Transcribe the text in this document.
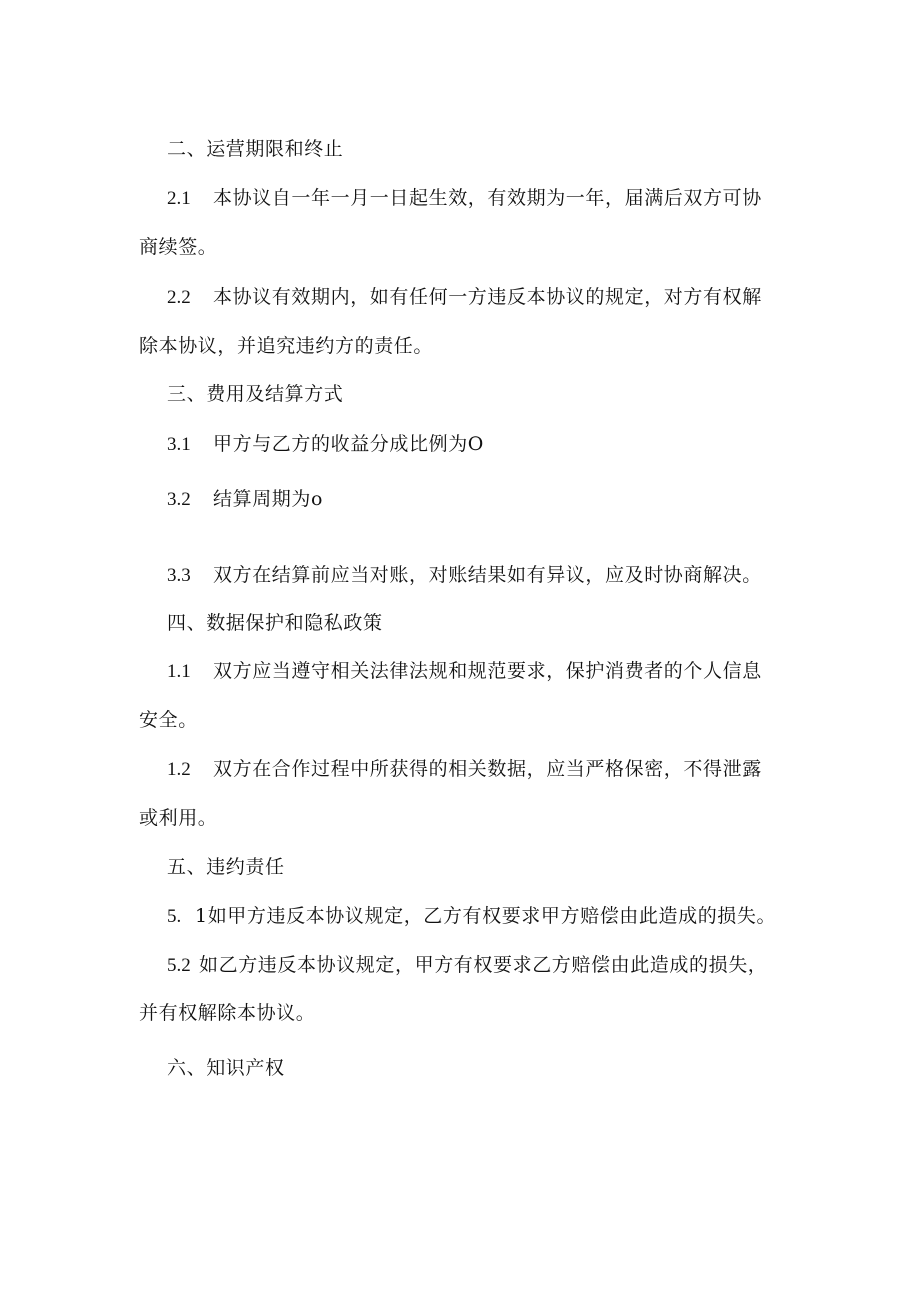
二、运营期限和终止
2.1 本协议自一年一月一日起生效，有效期为一年，届满后双方可协
商续签。
2.2 本协议有效期内，如有任何一方违反本协议的规定，对方有权解
除本协议，并追究违约方的责任。
三、费用及结算方式
3.1 甲方与乙方的收益分成比例为O
3.2 结算周期为o
3.3 双方在结算前应当对账，对账结果如有异议，应及时协商解决。
四、数据保护和隐私政策
1.1 双方应当遵守相关法律法规和规范要求，保护消费者的个人信息
安全。
1.2 双方在合作过程中所获得的相关数据，应当严格保密，不得泄露
或利用。
五、违约责任
5. 1如甲方违反本协议规定，乙方有权要求甲方赔偿由此造成的损失。
5.2 如乙方违反本协议规定，甲方有权要求乙方赔偿由此造成的损失，
并有权解除本协议。
六、知识产权
